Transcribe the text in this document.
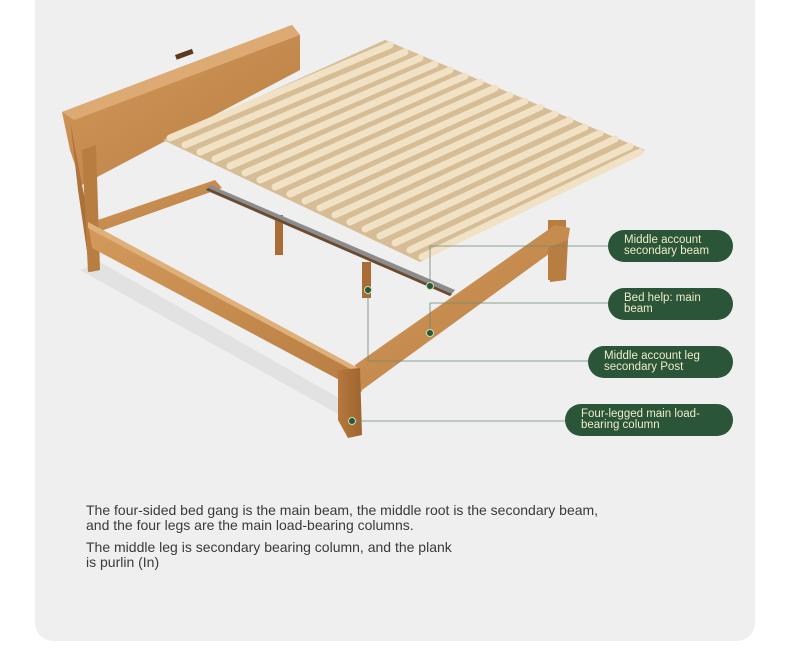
Middle account
secondary beam
Bed help: main
beam
Middle account leg
secondary Post
Four-legged main load-
bearing column
The four-sided bed gang is the main beam, the middle root is the secondary beam,
and the four legs are the main load-bearing columns.
The middle leg is secondary bearing column, and the plank
is purlin (In)
